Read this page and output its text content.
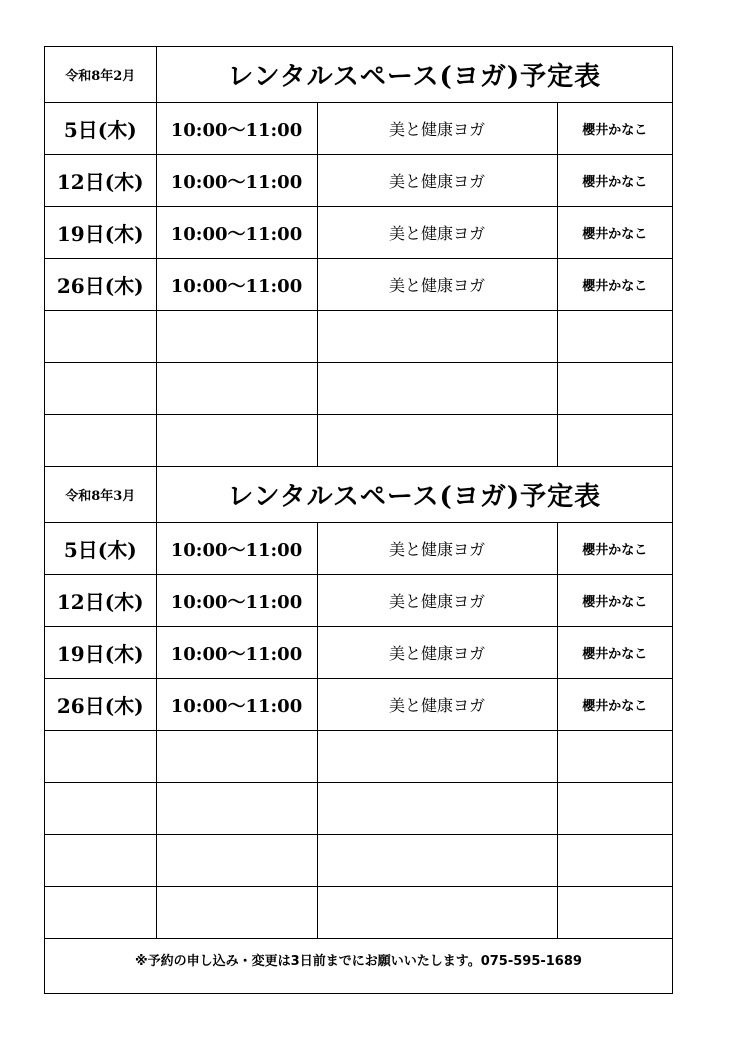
令和8年2月	レンタルスペース(ヨガ)予定表		
5日(木)	10:00～11:00	美と健康ヨガ	櫻井かなこ
12日(木)	10:00～11:00	美と健康ヨガ	櫻井かなこ
19日(木)	10:00～11:00	美と健康ヨガ	櫻井かなこ
26日(木)	10:00～11:00	美と健康ヨガ	櫻井かなこ

令和8年3月	レンタルスペース(ヨガ)予定表		
5日(木)	10:00～11:00	美と健康ヨガ	櫻井かなこ
12日(木)	10:00～11:00	美と健康ヨガ	櫻井かなこ
19日(木)	10:00～11:00	美と健康ヨガ	櫻井かなこ
26日(木)	10:00～11:00	美と健康ヨガ	櫻井かなこ

※予約の申し込み・変更は3日前までにお願いいたします。075-595-1689
